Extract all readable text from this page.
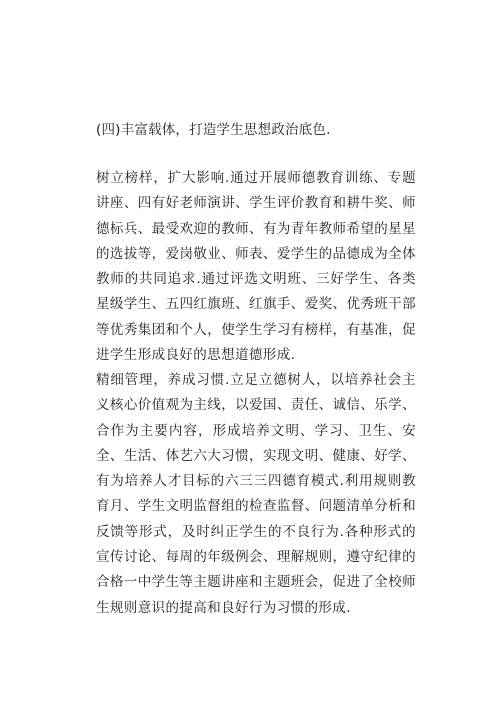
(四)丰富载体，打造学生思想政治底色.
树立榜样，扩大影响.通过开展师德教育训练、专题讲座、四有好老师演讲、学生评价教育和耕牛奖、师德标兵、最受欢迎的教师、有为青年教师希望的星星的选拔等，爱岗敬业、师表、爱学生的品德成为全体教师的共同追求.通过评选文明班、三好学生、各类星级学生、五四红旗班、红旗手、爱奖、优秀班干部等优秀集团和个人，使学生学习有榜样，有基准，促进学生形成良好的思想道德形成.
精细管理，养成习惯.立足立德树人，以培养社会主义核心价值观为主线，以爱国、责任、诚信、乐学、合作为主要内容，形成培养文明、学习、卫生、安全、生活、体艺六大习惯，实现文明、健康、好学、有为培养人才目标的六三三四德育模式.利用规则教育月、学生文明监督组的检查监督、问题清单分析和反馈等形式，及时纠正学生的不良行为.各种形式的宣传讨论、每周的年级例会、理解规则，遵守纪律的合格一中学生等主题讲座和主题班会，促进了全校师生规则意识的提高和良好行为习惯的形成.
